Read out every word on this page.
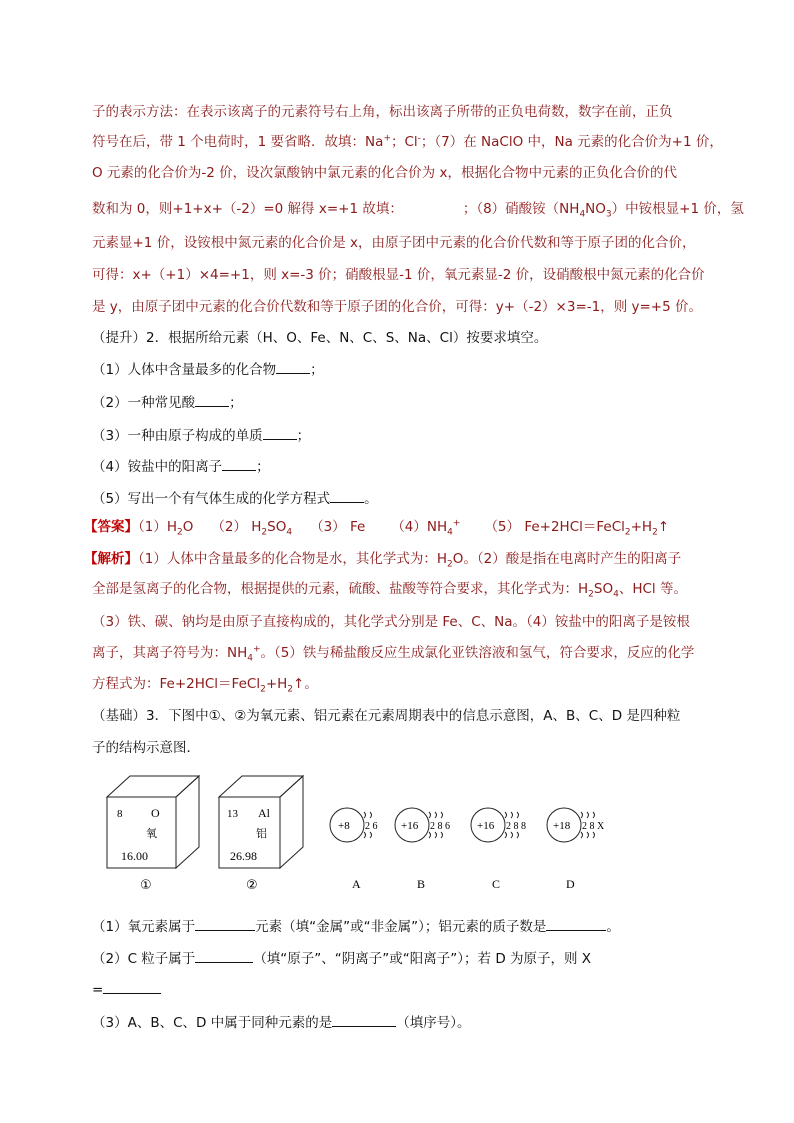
子的表示方法：在表示该离子的元素符号右上角，标出该离子所带的正负电荷数，数字在前，正负
符号在后，带 1 个电荷时，1 要省略．故填：Na+；Cl-；（7）在 NaClO 中，Na 元素的化合价为+1 价，
O 元素的化合价为-2 价，设次氯酸钠中氯元素的化合价为 x，根据化合物中元素的正负化合价的代
数和为 0，则+1+x+（-2）=0 解得 x=+1 故填：	；（8）硝酸铵$(NH_4NO_3)$中铵根显+1 价，氢
元素显+1 价，设铵根中氮元素的化合价是 x，由原子团中元素的化合价代数和等于原子团的化合价，
可得：x+（+1）×4=+1，则 x=-3 价；硝酸根显-1 价，氧元素显-2 价，设硝酸根中氮元素的化合价
是 y，由原子团中元素的化合价代数和等于原子团的化合价，可得：y+（-2）×3=-1，则 y=+5 价。
（提升）2．根据所给元素（H、O、Fe、N、C、S、Na、Cl）按要求填空。
（1）人体中含量最多的化合物	；
（2）一种常见酸	；
（3）一种由原子构成的单质	；
（4）铵盐中的阳离子	；
（5）写出一个有气体生成的化学方程式	。
【答案】$(1)H_2O$ （2） $H_2SO_4$ （3） Fe $(4)NH_4^+$ （5） $Fe+2HCl=FeCl_2+H_2↑$
【解析】（1）人体中含量最多的化合物是水，其化学式为：$H_2O$。（2）酸是指在电离时产生的阳离子
全部是氢离子的化合物，根据提供的元素，硫酸、盐酸等符合要求，其化学式为：$H_2SO_4$、HCl 等。
（3）铁、碳、钠均是由原子直接构成的，其化学式分别是 Fe、C、Na。（4）铵盐中的阳离子是铵根
离子，其离子符号为：$NH_4^+$。（5）铁与稀盐酸反应生成氯化亚铁溶液和氢气，符合要求，反应的化学
方程式为：$Fe+2HCl=FeCl_2+H_2↑$。
（基础）3．下图中①、②为氧元素、铝元素在元素周期表中的信息示意图，A、B、C、D 是四种粒
子的结构示意图．
8 O
氧
16.00
①
13 Al
铝
26.98
②
+8 2 6
A
+16 2 8 6
B
+16 2 8 8
C
+18 2 8 X
D
（1）氧元素属于	元素（填“金属”或“非金属”）；铝元素的质子数是	。
（2）C 粒子属于	（填“原子”、“阴离子”或“阳离子”）；若 D 为原子，则 X
=
（3）A、B、C、D 中属于同种元素的是	（填序号）。
